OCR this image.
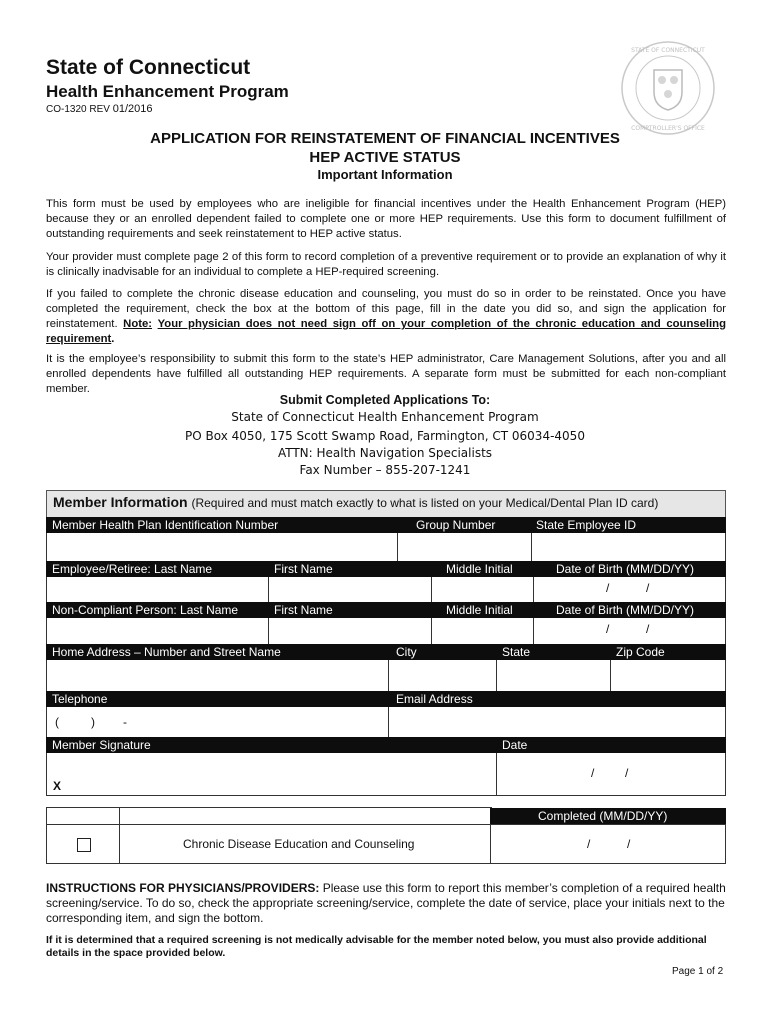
State of Connecticut
Health Enhancement Program
CO-1320 REV 01/2016
STATE OF CONNECTICUT
COMPTROLLER'S OFFICE
APPLICATION FOR REINSTATEMENT OF FINANCIAL INCENTIVES
HEP ACTIVE STATUS
Important Information
This form must be used by employees who are ineligible for financial incentives under the Health Enhancement Program (HEP) because they or an enrolled dependent failed to complete one or more HEP requirements. Use this form to document fulfillment of outstanding requirements and seek reinstatement to HEP active status.
Your provider must complete page 2 of this form to record completion of a preventive requirement or to provide an explanation of why it is clinically inadvisable for an individual to complete a HEP-required screening.
If you failed to complete the chronic disease education and counseling, you must do so in order to be reinstated. Once you have completed the requirement, check the box at the bottom of this page, fill in the date you did so, and sign the application for reinstatement. Note: Your physician does not need sign off on your completion of the chronic education and counseling requirement.
It is the employee’s responsibility to submit this form to the state’s HEP administrator, Care Management Solutions, after you and all enrolled dependents have fulfilled all outstanding HEP requirements. A separate form must be submitted for each non-compliant member.
Submit Completed Applications To:
State of Connecticut Health Enhancement Program
PO Box 4050, 175 Scott Swamp Road, Farmington, CT 06034-4050
ATTN: Health Navigation Specialists
Fax Number – 855-207-1241
Member Information (Required and must match exactly to what is listed on your Medical/Dental Plan ID card)
Member Health Plan Identification Number	Group Number	State Employee ID
Employee/Retiree: Last Name	First Name	Middle Initial	Date of Birth (MM/DD/YY)
/	/
Non-Compliant Person: Last Name	First Name	Middle Initial	Date of Birth (MM/DD/YY)
/	/
Home Address – Number and Street Name	City	State	Zip Code
Telephone	Email Address
(	) -
Member Signature	Date
X
/	/
Completed (MM/DD/YY)
Chronic Disease Education and Counseling	/	/
INSTRUCTIONS FOR PHYSICIANS/PROVIDERS: Please use this form to report this member’s completion of a required health screening/service. To do so, check the appropriate screening/service, complete the date of service, place your initials next to the corresponding item, and sign the bottom.
If it is determined that a required screening is not medically advisable for the member noted below, you must also provide additional details in the space provided below.
Page 1 of 2
